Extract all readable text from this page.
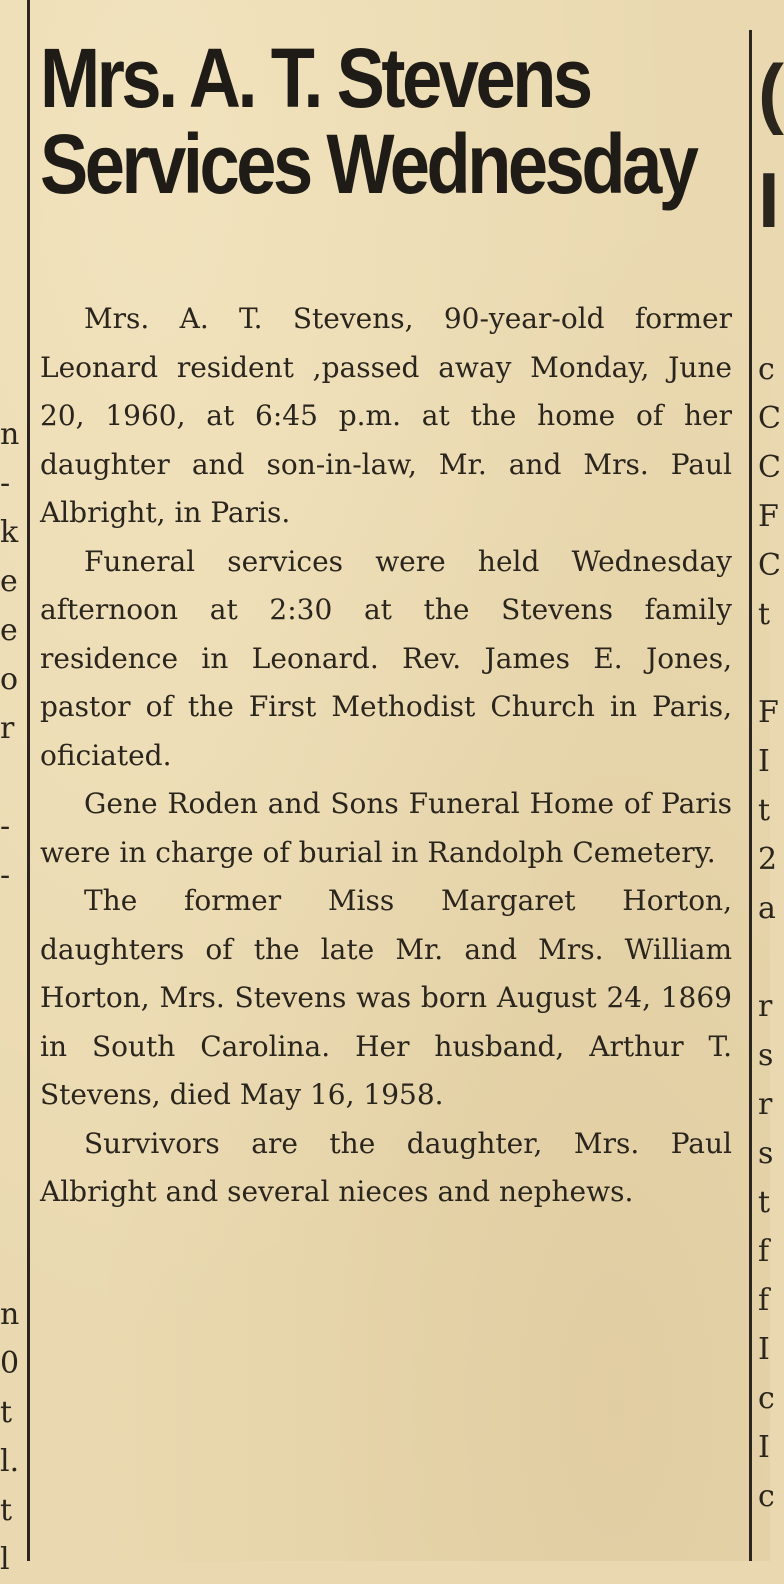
n
-
k
e
e
o
r
-
-
n
0
t
l.
t
l
(
I
c
C
C
F
C
t
F
I
t
2
a
r
s
r
s
t
f
f
I
c
I
c
Mrs. A. T. Stevens
Services Wednesday

Mrs. A. T. Stevens, 90-year-old former Leonard resident ,passed away Monday, June 20, 1960, at 6:45 p.m. at the home of her daughter and son-in-law, Mr. and Mrs. Paul Albright, in Paris.

Funeral services were held Wednesday afternoon at 2:30 at the Stevens family residence in Leonard. Rev. James E. Jones, pastor of the First Methodist Church in Paris, oficiated.

Gene Roden and Sons Funeral Home of Paris were in charge of burial in Randolph Cemetery.

The former Miss Margaret Horton, daughters of the late Mr. and Mrs. William Horton, Mrs. Stevens was born August 24, 1869 in South Carolina. Her husband, Arthur T. Stevens, died May 16, 1958.

Survivors are the daughter, Mrs. Paul Albright and several nieces and nephews.
